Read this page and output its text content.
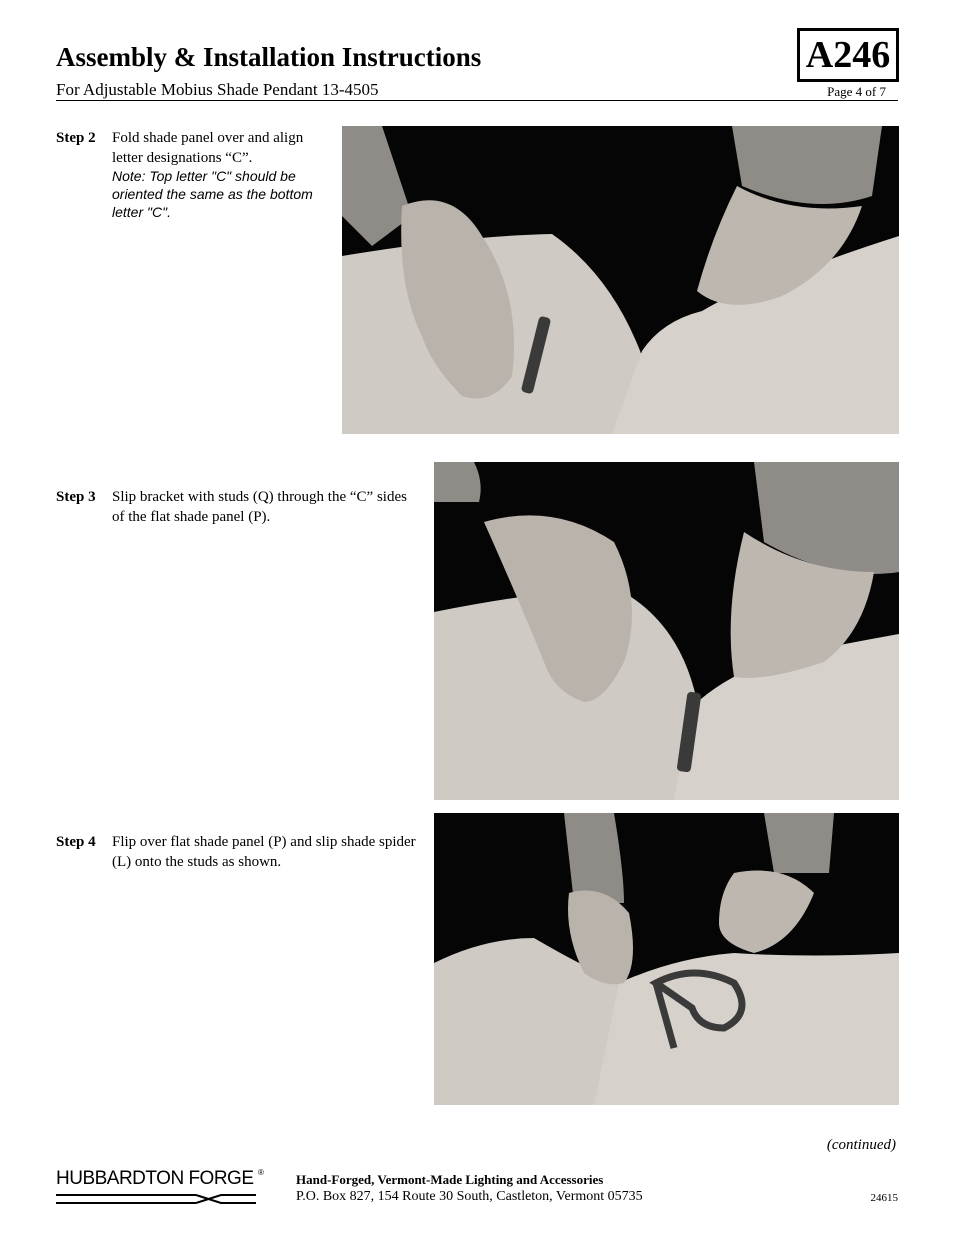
Assembly & Installation Instructions
For Adjustable Mobius Shade Pendant 13-4505	Page 4 of 7
A246
Step 2 Fold shade panel over and align letter designations “C”.
Note: Top letter "C" should be oriented the same as the bottom letter "C".
Step 3 Slip bracket with studs (Q) through the “C” sides of the flat shade panel (P).
Step 4 Flip over flat shade panel (P) and slip shade spider (L) onto the studs as shown.
(continued)
HUBBARDTON FORGE ® Hand-Forged, Vermont-Made Lighting and Accessories
P.O. Box 827, 154 Route 30 South, Castleton, Vermont 05735	24615
